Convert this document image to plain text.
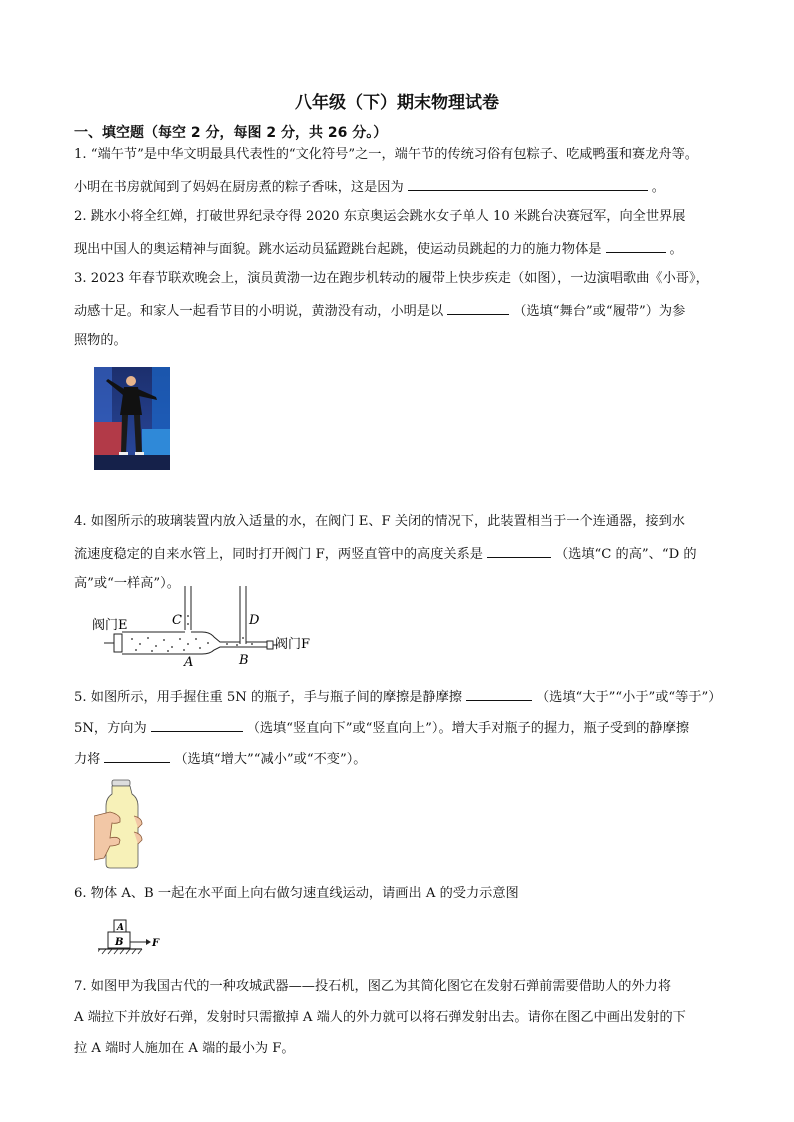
八年级（下）期末物理试卷
一、填空题（每空 2 分，每图 2 分，共 26 分。）
1. “端午节”是中华文明最具代表性的“文化符号”之一，端午节的传统习俗有包粽子、吃咸鸭蛋和赛龙舟等。
小明在书房就闻到了妈妈在厨房煮的粽子香味，这是因为	。
2. 跳水小将全红婵，打破世界纪录夺得 2020 东京奥运会跳水女子单人 10 米跳台决赛冠军，向全世界展
现出中国人的奥运精神与面貌。跳水运动员猛蹬跳台起跳，使运动员跳起的力的施力物体是	。
3. 2023 年春节联欢晚会上，演员黄渤一边在跑步机转动的履带上快步疾走（如图），一边演唱歌曲《小哥》，
动感十足。和家人一起看节目的小明说，黄渤没有动，小明是以	（选填“舞台”或“履带”）为参
照物的。
4. 如图所示的玻璃装置内放入适量的水，在阀门 E、F 关闭的情况下，此装置相当于一个连通器，接到水
流速度稳定的自来水管上，同时打开阀门 F，两竖直管中的高度关系是	（选填“C 的高”、“D 的
高”或“一样高”）。
阀门E	C	D
A	B
阀门F
5. 如图所示，用手握住重 5N 的瓶子，手与瓶子间的摩擦是静摩擦	（选填“大于”“小于”或“等于”）
5N，方向为	（选填“竖直向下”或“竖直向上”）。增大手对瓶子的握力，瓶子受到的静摩擦
力将	（选填“增大”“减小”或“不变”）。
6. 物体 A、B 一起在水平面上向右做匀速直线运动，请画出 A 的受力示意图
A
B	F
7. 如图甲为我国古代的一种攻城武器——投石机，图乙为其简化图它在发射石弹前需要借助人的外力将
A 端拉下并放好石弹，发射时只需撤掉 A 端人的外力就可以将石弹发射出去。请你在图乙中画出发射的下
拉 A 端时人施加在 A 端的最小为 F。
